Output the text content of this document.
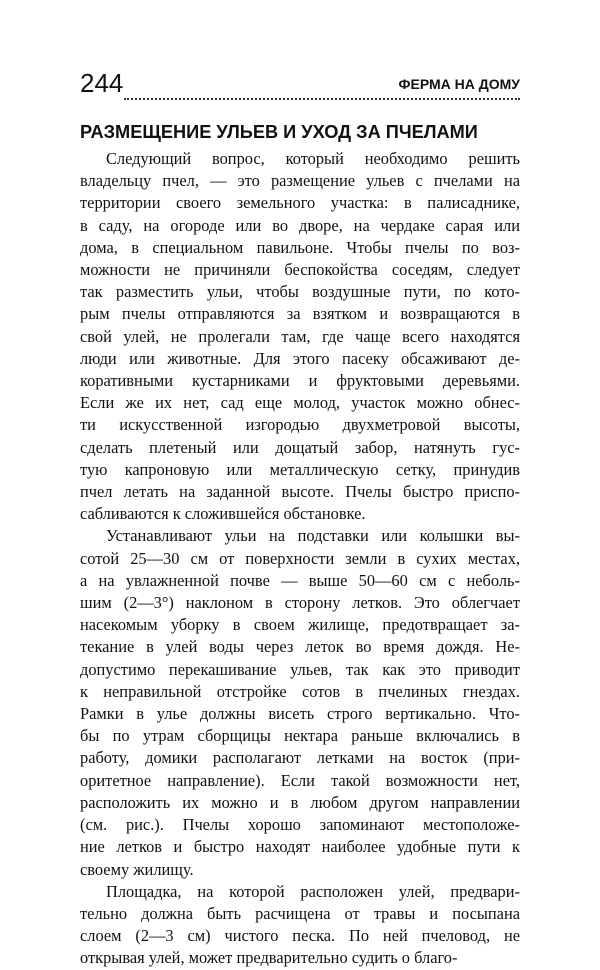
244	ФЕРМА НА ДОМУ
РАЗМЕЩЕНИЕ УЛЬЕВ И УХОД ЗА ПЧЕЛАМИ
Следующий вопрос, который необходимо решить
владельцу пчел, — это размещение ульев с пчелами на
территории своего земельного участка: в палисаднике,
в саду, на огороде или во дворе, на чердаке сарая или
дома, в специальном павильоне. Чтобы пчелы по воз-
можности не причиняли беспокойства соседям, следует
так разместить ульи, чтобы воздушные пути, по кото-
рым пчелы отправляются за взятком и возвращаются в
свой улей, не пролегали там, где чаще всего находятся
люди или животные. Для этого пасеку обсаживают де-
коративными кустарниками и фруктовыми деревьями.
Если же их нет, сад еще молод, участок можно обнес-
ти искусственной изгородью двухметровой высоты,
сделать плетеный или дощатый забор, натянуть гус-
тую капроновую или металлическую сетку, принудив
пчел летать на заданной высоте. Пчелы быстро приспо-
сабливаются к сложившейся обстановке.
Устанавливают ульи на подставки или колышки вы-
сотой 25—30 см от поверхности земли в сухих местах,
а на увлажненной почве — выше 50—60 см с неболь-
шим (2—3°) наклоном в сторону летков. Это облегчает
насекомым уборку в своем жилище, предотвращает за-
текание в улей воды через леток во время дождя. Не-
допустимо перекашивание ульев, так как это приводит
к неправильной отстройке сотов в пчелиных гнездах.
Рамки в улье должны висеть строго вертикально. Что-
бы по утрам сборщицы нектара раньше включались в
работу, домики располагают летками на восток (при-
оритетное направление). Если такой возможности нет,
расположить их можно и в любом другом направлении
(см. рис.). Пчелы хорошо запоминают местоположе-
ние летков и быстро находят наиболее удобные пути к
своему жилищу.
Площадка, на которой расположен улей, предвари-
тельно должна быть расчищена от травы и посыпана
слоем (2—3 см) чистого песка. По ней пчеловод, не
открывая улей, может предварительно судить о благо-
